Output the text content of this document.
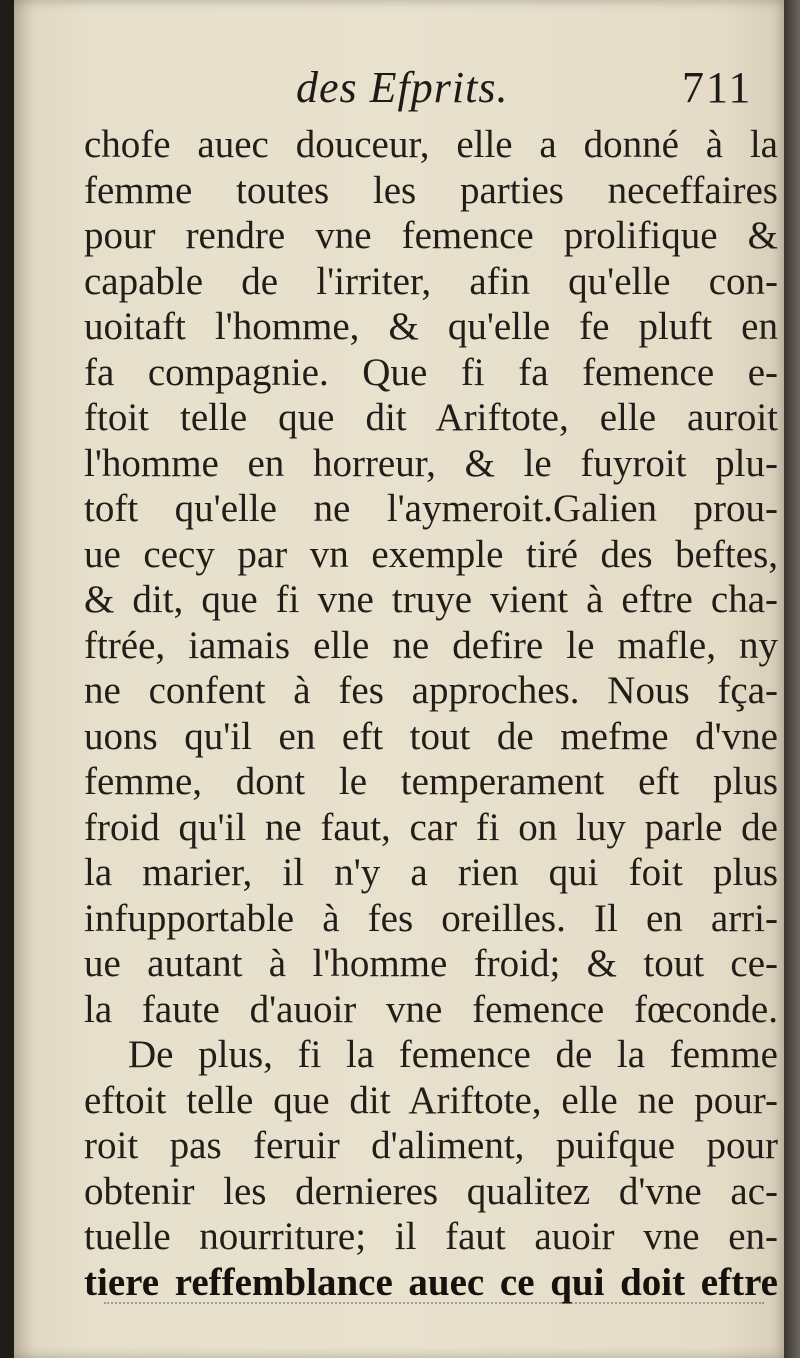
des Efprits.	711
chofe auec douceur, elle a donné à la
femme toutes les parties neceffaires
pour rendre vne femence prolifique &
capable de l'irriter, afin qu'elle con-
uoitaft l'homme, & qu'elle fe pluft en
fa compagnie. Que fi fa femence e-
ftoit telle que dit Ariftote, elle auroit
l'homme en horreur, & le fuyroit plu-
toft qu'elle ne l'aymeroit.Galien prou-
ue cecy par vn exemple tiré des beftes,
& dit, que fi vne truye vient à eftre cha-
ftrée, iamais elle ne defire le mafle, ny
ne confent à fes approches. Nous fça-
uons qu'il en eft tout de mefme d'vne
femme, dont le temperament eft plus
froid qu'il ne faut, car fi on luy parle de
la marier, il n'y a rien qui foit plus
infupportable à fes oreilles. Il en arri-
ue autant à l'homme froid; & tout ce-
la faute d'auoir vne femence fœconde.
De plus, fi la femence de la femme
eftoit telle que dit Ariftote, elle ne pour-
roit pas feruir d'aliment, puifque pour
obtenir les dernieres qualitez d'vne ac-
tuelle nourriture; il faut auoir vne en-
tiere reffemblance auec ce qui doit eftre
